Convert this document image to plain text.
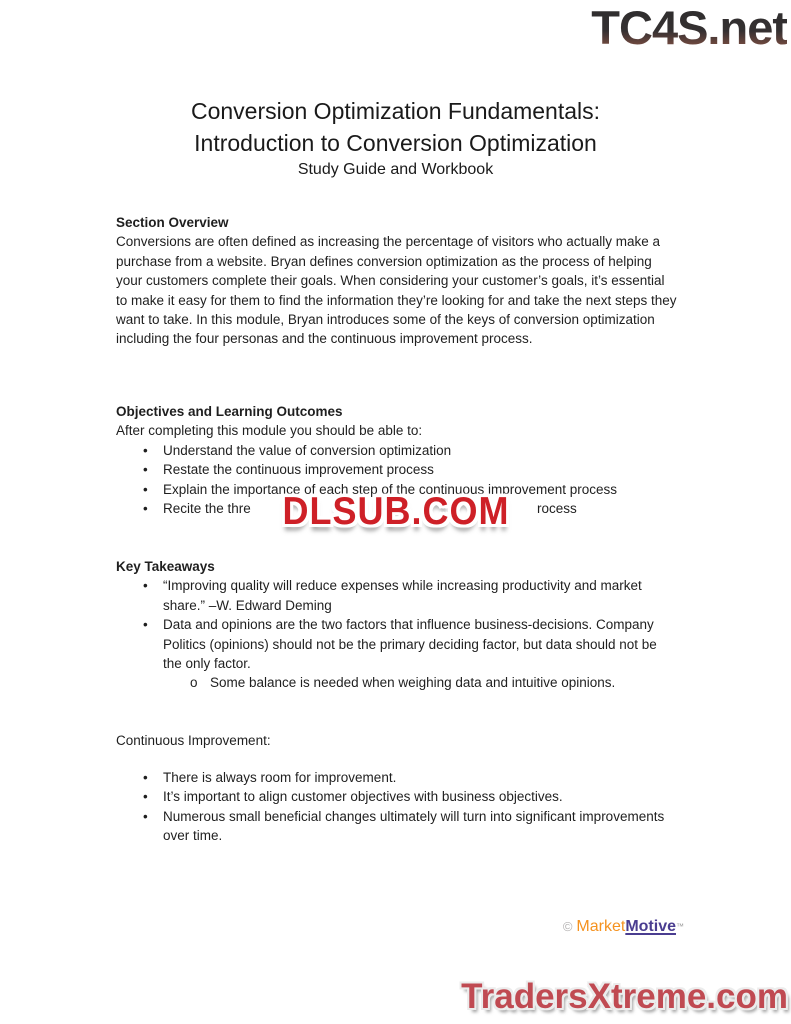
TC4S.net
Conversion Optimization Fundamentals:
Introduction to Conversion Optimization
Study Guide and Workbook
Section Overview
Conversions are often defined as increasing the percentage of visitors who actually make a purchase from a website. Bryan defines conversion optimization as the process of helping your customers complete their goals. When considering your customer’s goals, it’s essential to make it easy for them to find the information they’re looking for and take the next steps they want to take. In this module, Bryan introduces some of the keys of conversion optimization including the four personas and the continuous improvement process.
Objectives and Learning Outcomes
After completing this module you should be able to:
•	Understand the value of conversion optimization
•	Restate the continuous improvement process
•	Explain the importance of each step of the continuous improvement process
•	Recite the thre	rocess
DLSUB.COM
Key Takeaways
•	“Improving quality will reduce expenses while increasing productivity and market share.” –W. Edward Deming
•	Data and opinions are the two factors that influence business-decisions. Company Politics (opinions) should not be the primary deciding factor, but data should not be the only factor.
o Some balance is needed when weighing data and intuitive opinions.
Continuous Improvement:
•	There is always room for improvement.
•	It’s important to align customer objectives with business objectives.
•	Numerous small beneficial changes ultimately will turn into significant improvements over time.
© MarketMotive™
TradersXtreme.com
